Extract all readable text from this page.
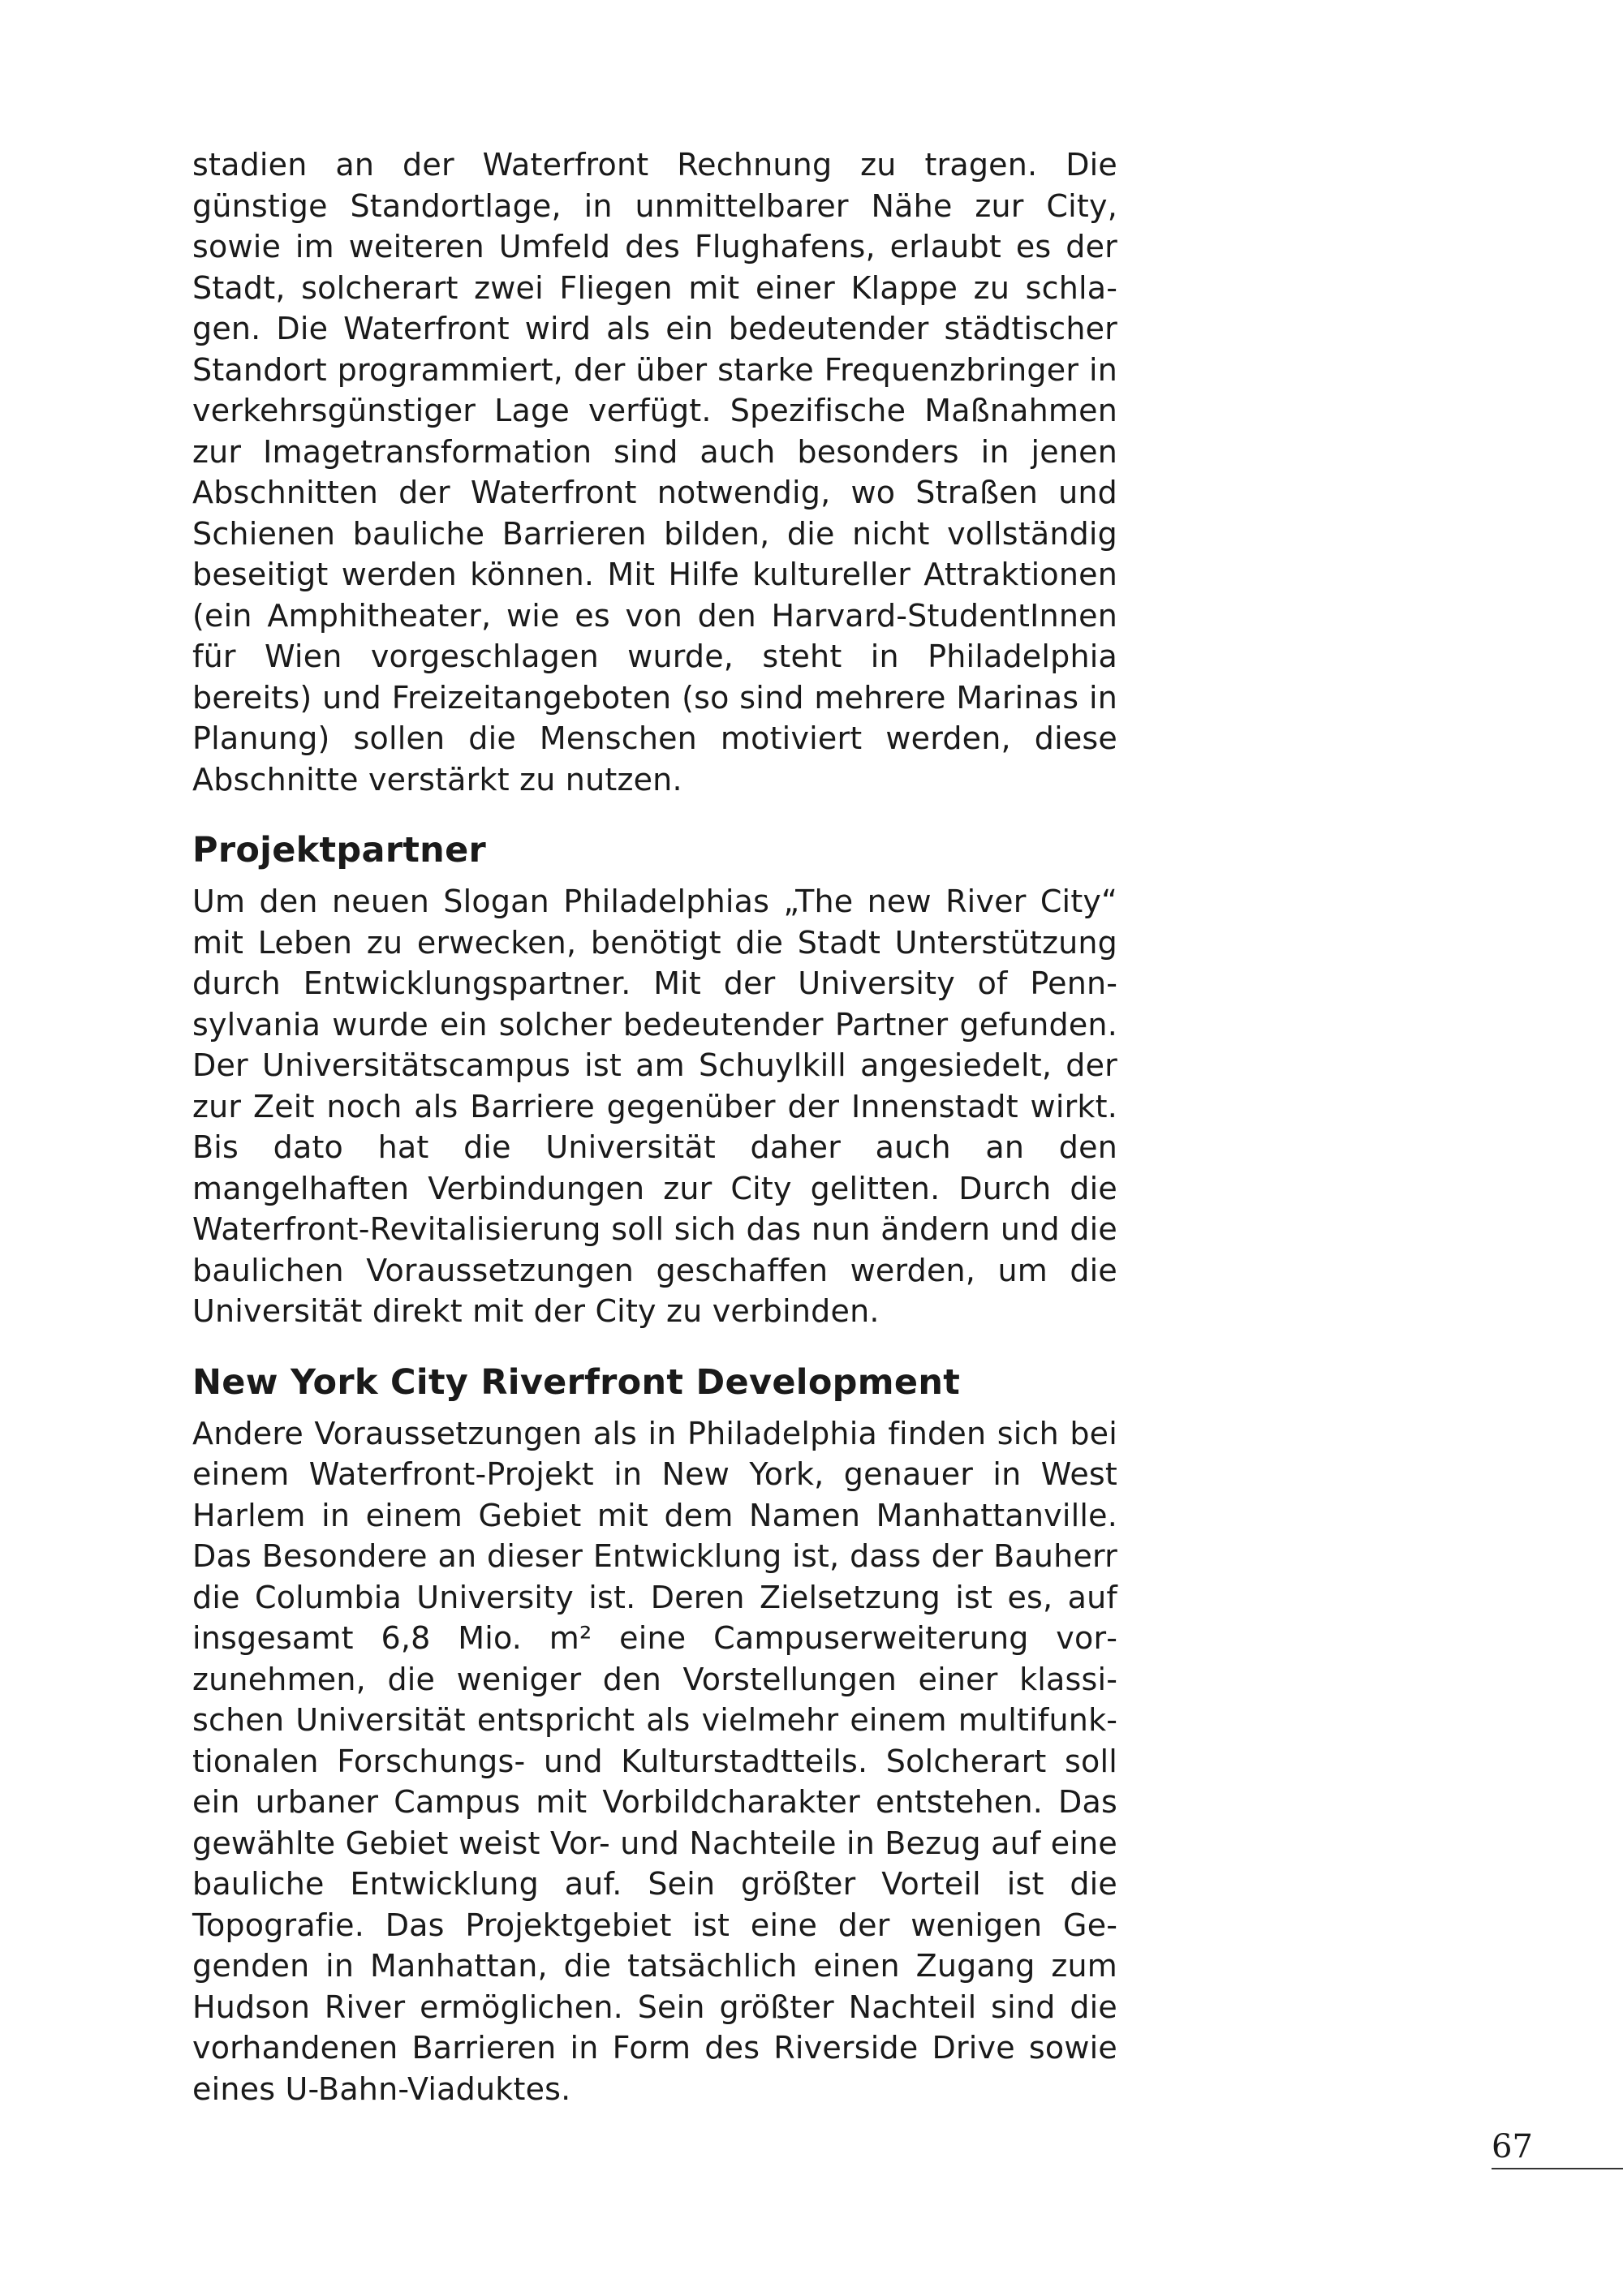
stadien an der Waterfront Rechnung zu tragen. Die günstige Standortlage, in unmittelbarer Nähe zur City, sowie im weiteren Umfeld des Flughafens, erlaubt es der Stadt, solcherart zwei Fliegen mit einer Klappe zu schlagen. Die Waterfront wird als ein bedeutender städtischer Standort programmiert, der über starke Frequenzbringer in verkehrsgünstiger Lage verfügt. Spezifische Maßnahmen zur Imagetransformation sind auch besonders in jenen Abschnitten der Waterfront notwendig, wo Straßen und Schienen bauliche Barrieren bilden, die nicht vollständig beseitigt werden können. Mit Hilfe kultureller Attraktionen (ein Amphitheater, wie es von den Harvard-StudentInnen für Wien vorgeschlagen wurde, steht in Philadelphia bereits) und Freizeitangeboten (so sind mehrere Marinas in Planung) sollen die Menschen motiviert werden, diese Abschnitte verstärkt zu nutzen.

Projektpartner

Um den neuen Slogan Philadelphias „The new River City“ mit Leben zu erwecken, benötigt die Stadt Unterstützung durch Entwicklungspartner. Mit der University of Pennsylvania wurde ein solcher bedeutender Partner gefunden. Der Universitätscampus ist am Schuylkill angesiedelt, der zur Zeit noch als Barriere gegenüber der Innenstadt wirkt. Bis dato hat die Universität daher auch an den mangelhaften Verbindungen zur City gelitten. Durch die Waterfront-Revitalisierung soll sich das nun ändern und die baulichen Voraussetzungen geschaffen werden, um die Universität direkt mit der City zu verbinden.

New York City Riverfront Development

Andere Voraussetzungen als in Philadelphia finden sich bei einem Waterfront-Projekt in New York, genauer in West Harlem in einem Gebiet mit dem Namen Manhattanville. Das Besondere an dieser Entwicklung ist, dass der Bauherr die Columbia University ist. Deren Zielsetzung ist es, auf insgesamt 6,8 Mio. m² eine Campuserweiterung vorzunehmen, die weniger den Vorstellungen einer klassischen Universität entspricht als vielmehr einem multifunktionalen Forschungs- und Kulturstadtteils. Solcherart soll ein urbaner Campus mit Vorbildcharakter entstehen. Das gewählte Gebiet weist Vor- und Nachteile in Bezug auf eine bauliche Entwicklung auf. Sein größter Vorteil ist die Topografie. Das Projektgebiet ist eine der wenigen Gegenden in Manhattan, die tatsächlich einen Zugang zum Hudson River ermöglichen. Sein größter Nachteil sind die vorhandenen Barrieren in Form des Riverside Drive sowie eines U-Bahn-Viaduktes.

67
